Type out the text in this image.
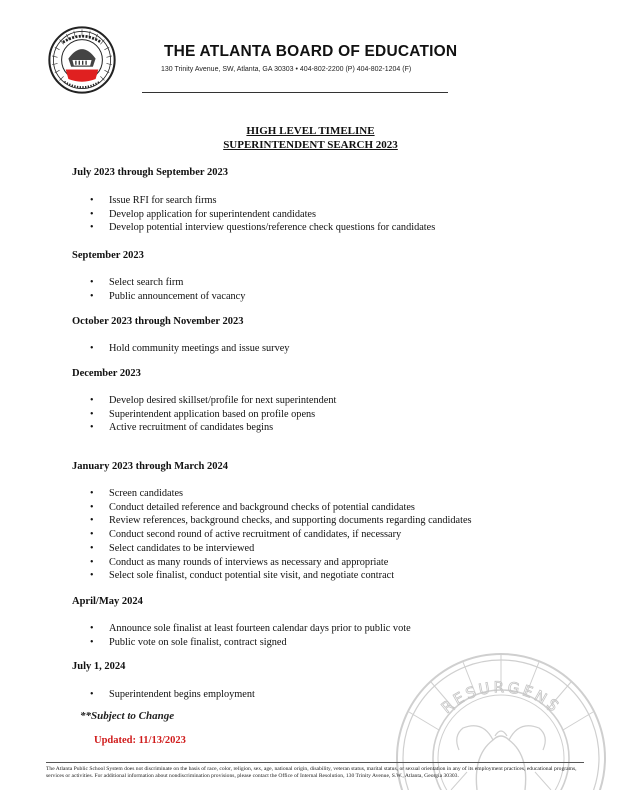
THE ATLANTA BOARD OF EDUCATION
130 Trinity Avenue, SW, Atlanta, GA 30303 • 404-802-2200 (P) 404-802-1204 (F)
HIGH LEVEL TIMELINE
SUPERINTENDENT SEARCH 2023
July 2023 through September 2023
• Issue RFI for search firms
• Develop application for superintendent candidates
• Develop potential interview questions/reference check questions for candidates
September 2023
• Select search firm
• Public announcement of vacancy
October 2023 through November 2023
• Hold community meetings and issue survey
December 2023
• Develop desired skillset/profile for next superintendent
• Superintendent application based on profile opens
• Active recruitment of candidates begins
January 2023 through March 2024
• Screen candidates
• Conduct detailed reference and background checks of potential candidates
• Review references, background checks, and supporting documents regarding candidates
• Conduct second round of active recruitment of candidates, if necessary
• Select candidates to be interviewed
• Conduct as many rounds of interviews as necessary and appropriate
• Select sole finalist, conduct potential site visit, and negotiate contract
April/May 2024
• Announce sole finalist at least fourteen calendar days prior to public vote
• Public vote on sole finalist, contract signed
July 1, 2024
• Superintendent begins employment
RESURGENS
**Subject to Change
Updated: 11/13/2023
The Atlanta Public School System does not discriminate on the basis of race, color, religion, sex, age, national origin, disability, veteran status, marital status, or sexual orientation in any of its employment practices, educational programs, services or activities. For additional information about nondiscrimination provisions, please contact the Office of Internal Resolution, 130 Trinity Avenue, S.W., Atlanta, Georgia 30303.
